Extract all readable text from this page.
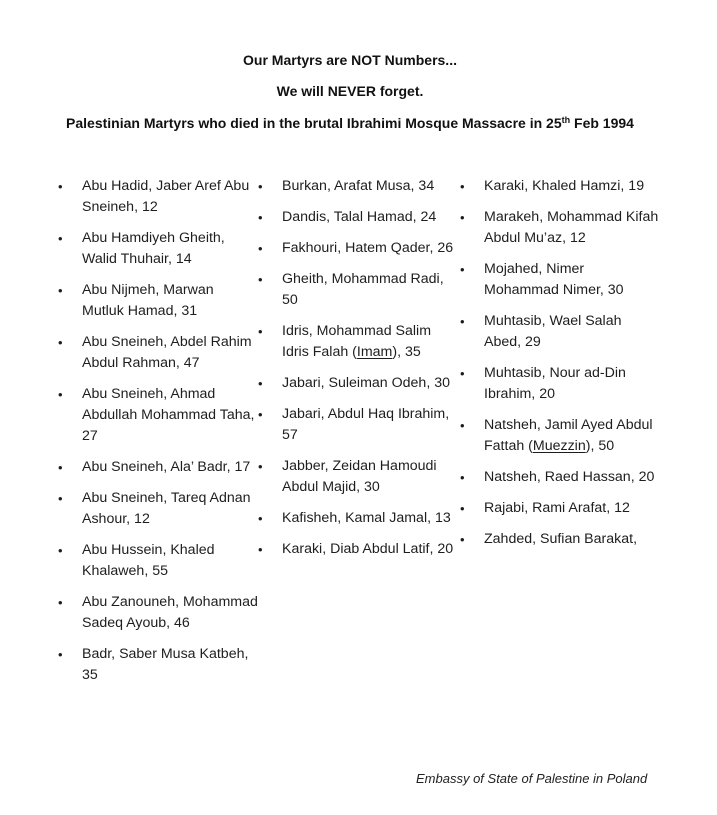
Our Martyrs are NOT Numbers...
We will NEVER forget.
Palestinian Martyrs who died in the brutal Ibrahimi Mosque Massacre in 25th Feb 1994
• Abu Hadid, Jaber Aref Abu Sneineh, 12
• Abu Hamdiyeh Gheith, Walid Thuhair, 14
• Abu Nijmeh, Marwan Mutluk Hamad, 31
• Abu Sneineh, Abdel Rahim Abdul Rahman, 47
• Abu Sneineh, Ahmad Abdullah Mohammad Taha, 27
• Abu Sneineh, Ala’ Badr, 17
• Abu Sneineh, Tareq Adnan Ashour, 12
• Abu Hussein, Khaled Khalaweh, 55
• Abu Zanouneh, Mohammad Sadeq Ayoub, 46
• Badr, Saber Musa Katbeh, 35
• Burkan, Arafat Musa, 34
• Dandis, Talal Hamad, 24
• Fakhouri, Hatem Qader, 26
• Gheith, Mohammad Radi, 50
• Idris, Mohammad Salim Idris Falah (Imam), 35
• Jabari, Suleiman Odeh, 30
• Jabari, Abdul Haq Ibrahim, 57
• Jabber, Zeidan Hamoudi Abdul Majid, 30
• Kafisheh, Kamal Jamal, 13
• Karaki, Diab Abdul Latif, 20
• Karaki, Khaled Hamzi, 19
• Marakeh, Mohammad Kifah Abdul Mu’az, 12
• Mojahed, Nimer Mohammad Nimer, 30
• Muhtasib, Wael Salah Abed, 29
• Muhtasib, Nour ad-Din Ibrahim, 20
• Natsheh, Jamil Ayed Abdul Fattah (Muezzin), 50
• Natsheh, Raed Hassan, 20
• Rajabi, Rami Arafat, 12
• Zahded, Sufian Barakat,
Embassy of State of Palestine in Poland
